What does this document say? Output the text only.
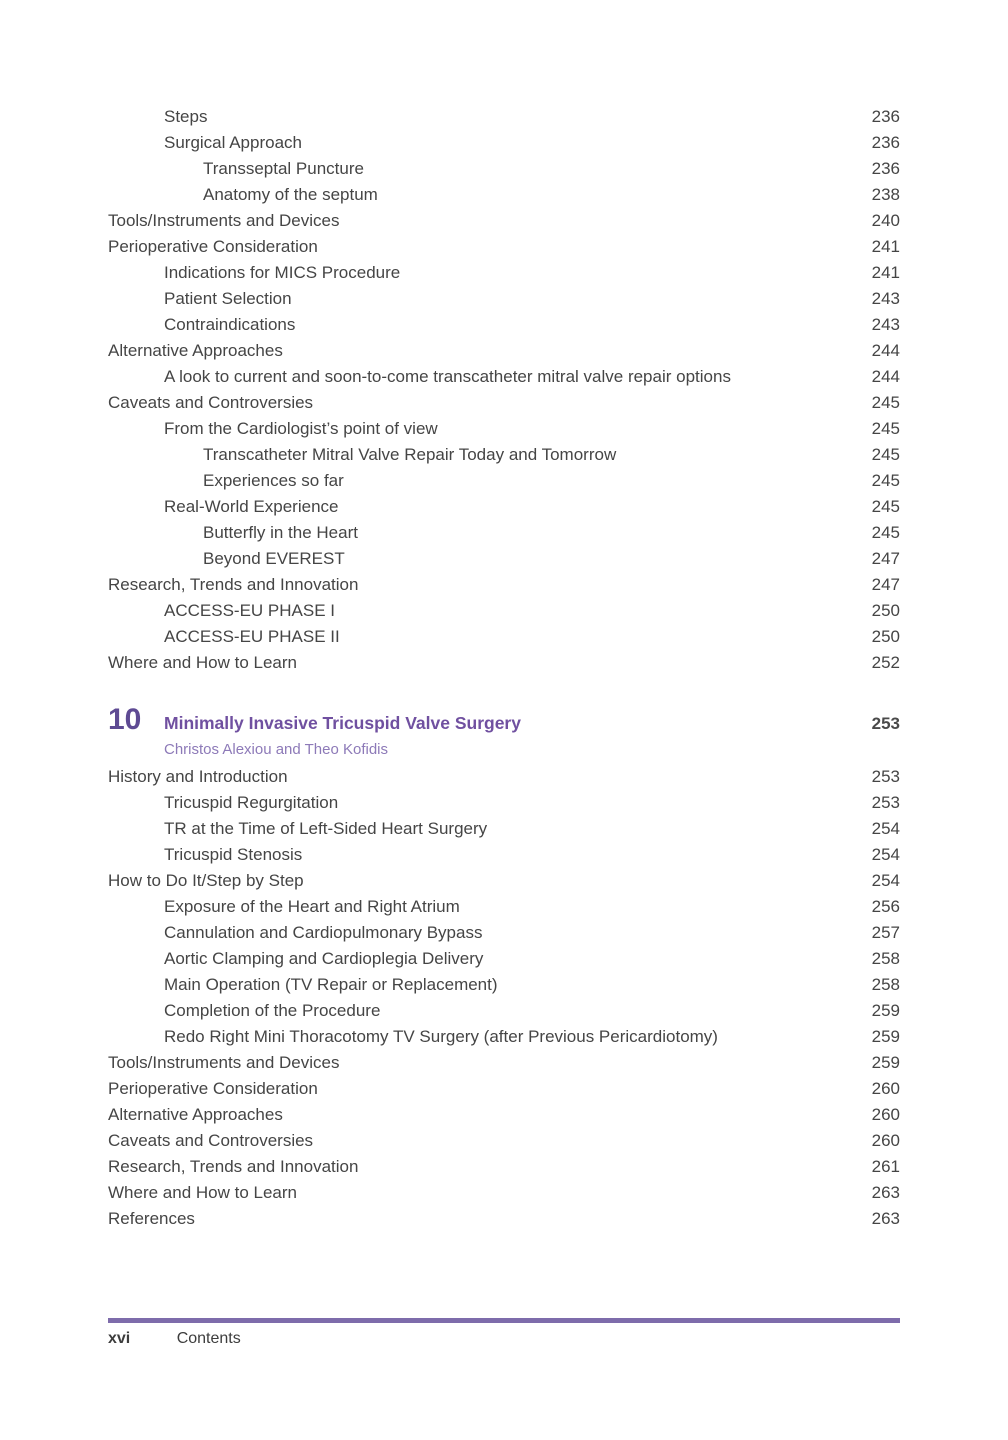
Steps	236
Surgical Approach	236
Transseptal Puncture	236
Anatomy of the septum	238
Tools/Instruments and Devices	240
Perioperative Consideration	241
Indications for MICS Procedure	241
Patient Selection	243
Contraindications	243
Alternative Approaches	244
A look to current and soon-to-come transcatheter mitral valve repair options	244
Caveats and Controversies	245
From the Cardiologist’s point of view	245
Transcatheter Mitral Valve Repair Today and Tomorrow	245
Experiences so far	245
Real-World Experience	245
Butterfly in the Heart	245
Beyond EVEREST	247
Research, Trends and Innovation	247
ACCESS-EU PHASE I	250
ACCESS-EU PHASE II	250
Where and How to Learn	252
10	Minimally Invasive Tricuspid Valve Surgery	253
Christos Alexiou and Theo Kofidis
History and Introduction	253
Tricuspid Regurgitation	253
TR at the Time of Left-Sided Heart Surgery	254
Tricuspid Stenosis	254
How to Do It/Step by Step	254
Exposure of the Heart and Right Atrium	256
Cannulation and Cardiopulmonary Bypass	257
Aortic Clamping and Cardioplegia Delivery	258
Main Operation (TV Repair or Replacement)	258
Completion of the Procedure	259
Redo Right Mini Thoracotomy TV Surgery (after Previous Pericardiotomy)	259
Tools/Instruments and Devices	259
Perioperative Consideration	260
Alternative Approaches	260
Caveats and Controversies	260
Research, Trends and Innovation	261
Where and How to Learn	263
References	263
xvi	Contents
